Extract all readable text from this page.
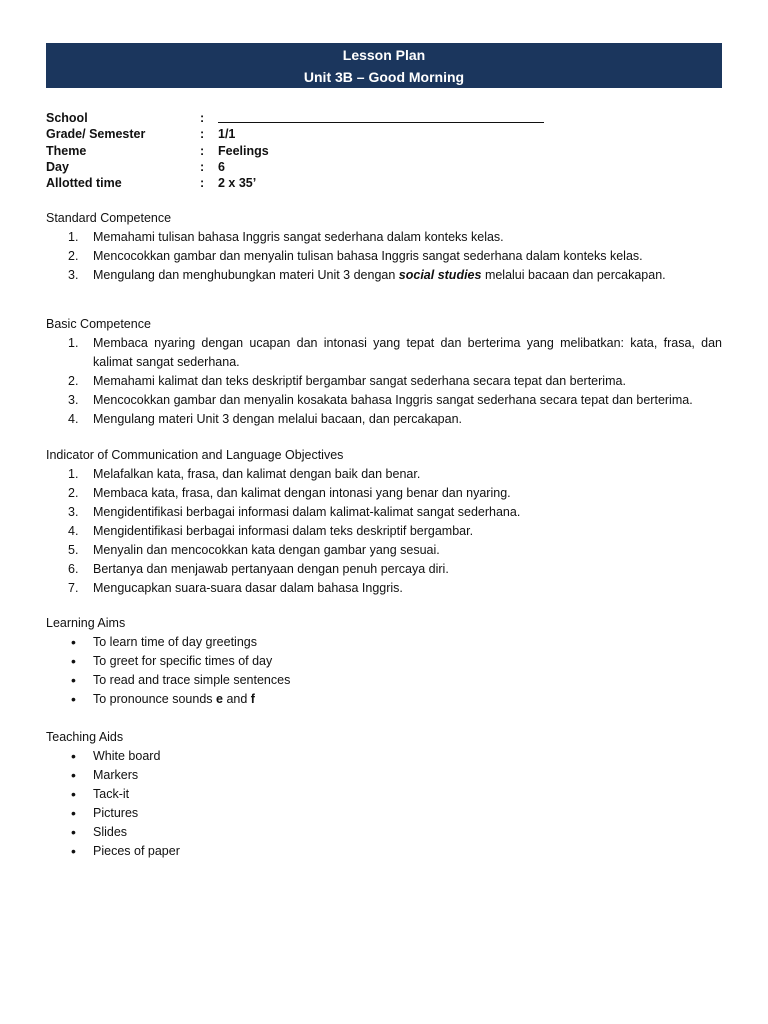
Lesson Plan
Unit 3B – Good Morning
School	:
Grade/ Semester	:	1/1
Theme	:	Feelings
Day	:	6
Allotted time	:	2 x 35’
Standard Competence
1. Memahami tulisan bahasa Inggris sangat sederhana dalam konteks kelas.
2. Mencocokkan gambar dan menyalin tulisan bahasa Inggris sangat sederhana dalam konteks kelas.
3. Mengulang dan menghubungkan materi Unit 3 dengan social studies melalui bacaan dan percakapan.
Basic Competence
1. Membaca nyaring dengan ucapan dan intonasi yang tepat dan berterima yang melibatkan: kata, frasa, dan kalimat sangat sederhana.
2. Memahami kalimat dan teks deskriptif bergambar sangat sederhana secara tepat dan berterima.
3. Mencocokkan gambar dan menyalin kosakata bahasa Inggris sangat sederhana secara tepat dan berterima.
4. Mengulang materi Unit 3 dengan melalui bacaan, dan percakapan.
Indicator of Communication and Language Objectives
1. Melafalkan kata, frasa, dan kalimat dengan baik dan benar.
2. Membaca kata, frasa, dan kalimat dengan intonasi yang benar dan nyaring.
3. Mengidentifikasi berbagai informasi dalam kalimat-kalimat sangat sederhana.
4. Mengidentifikasi berbagai informasi dalam teks deskriptif bergambar.
5. Menyalin dan mencocokkan kata dengan gambar yang sesuai.
6. Bertanya dan menjawab pertanyaan dengan penuh percaya diri.
7. Mengucapkan suara-suara dasar dalam bahasa Inggris.
Learning Aims
• To learn time of day greetings
• To greet for specific times of day
• To read and trace simple sentences
• To pronounce sounds e and f
Teaching Aids
• White board
• Markers
• Tack-it
• Pictures
• Slides
• Pieces of paper
